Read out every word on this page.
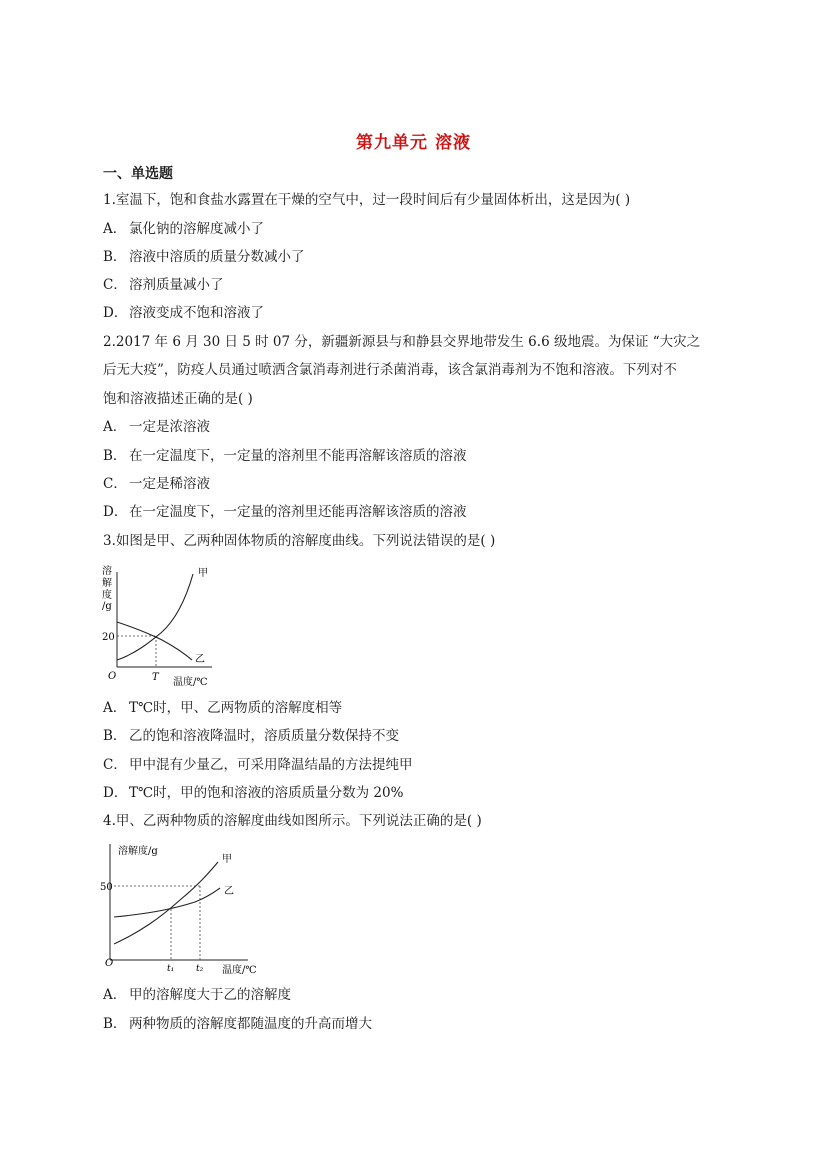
第九单元 溶液
一、单选题
1.室温下，饱和食盐水露置在干燥的空气中，过一段时间后有少量固体析出，这是因为( )
A． 氯化钠的溶解度减小了
B． 溶液中溶质的质量分数减小了
C． 溶剂质量减小了
D． 溶液变成不饱和溶液了
2.2017 年 6 月 30 日 5 时 07 分，新疆新源县与和静县交界地带发生 6.6 级地震。为保证 “大灾之
后无大疫”，防疫人员通过喷洒含氯消毒剂进行杀菌消毒，该含氯消毒剂为不饱和溶液。下列对不
饱和溶液描述正确的是( )
A． 一定是浓溶液
B． 在一定温度下，一定量的溶剂里不能再溶解该溶质的溶液
C． 一定是稀溶液
D． 在一定温度下，一定量的溶剂里还能再溶解该溶质的溶液
3.如图是甲、乙两种固体物质的溶解度曲线。下列说法错误的是( )
溶
解
度
/g
20
甲
乙
O	T 温度/℃
A． T℃时，甲、乙两物质的溶解度相等
B． 乙的饱和溶液降温时，溶质质量分数保持不变
C． 甲中混有少量乙，可采用降温结晶的方法提纯甲
D． T℃时，甲的饱和溶液的溶质质量分数为 20%
4.甲、乙两种物质的溶解度曲线如图所示。下列说法正确的是( )
溶解度/g
50
甲
乙
O	t₁ t₂ 温度/℃
A． 甲的溶解度大于乙的溶解度
B． 两种物质的溶解度都随温度的升高而增大
